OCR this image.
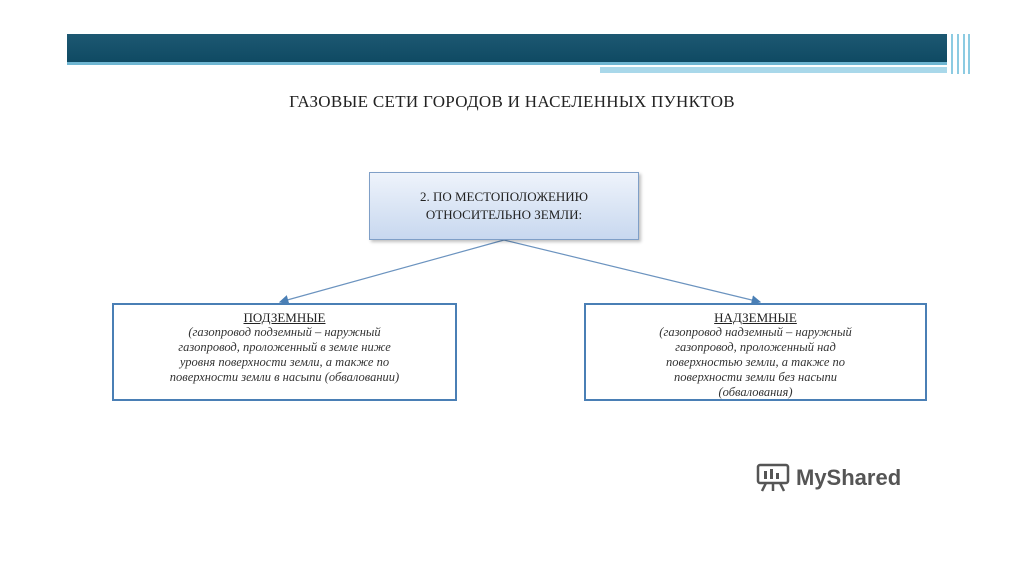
ГАЗОВЫЕ СЕТИ ГОРОДОВ И НАСЕЛЕННЫХ ПУНКТОВ
2. ПО МЕСТОПОЛОЖЕНИЮ
ОТНОСИТЕЛЬНО ЗЕМЛИ:
ПОДЗЕМНЫЕ
(газопровод подземный – наружный
газопровод, проложенный в земле ниже
уровня поверхности земли, а также по
поверхности земли в насыпи (обваловании)
НАДЗЕМНЫЕ
(газопровод надземный – наружный
газопровод, проложенный над
поверхностью земли, а также по
поверхности земли без насыпи
(обвалования)
MyShared
